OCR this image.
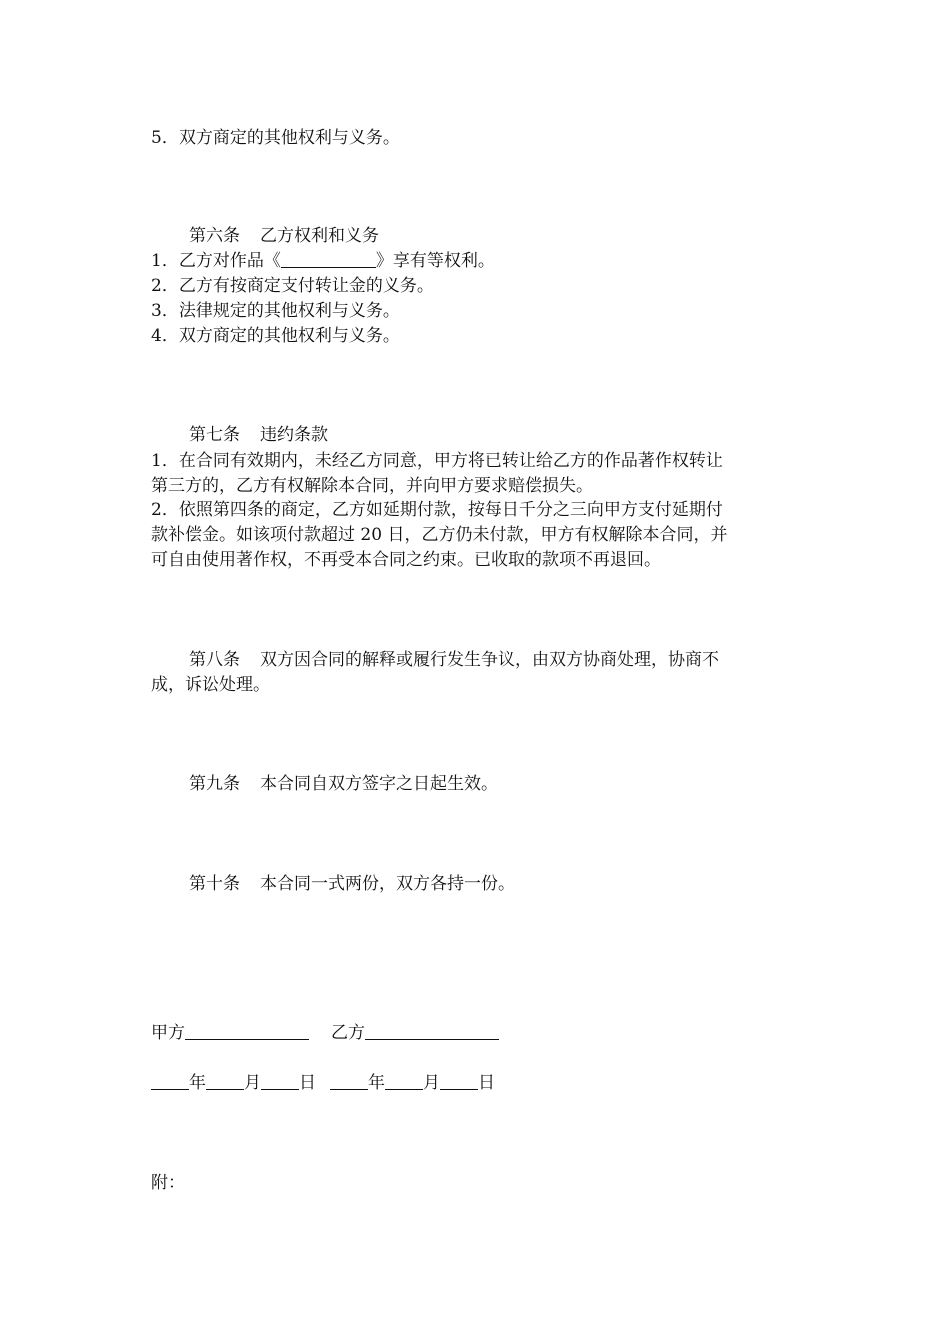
5．双方商定的其他权利与义务。
第六条 乙方权利和义务
1．乙方对作品《	》享有等权利。
2．乙方有按商定支付转让金的义务。
3．法律规定的其他权利与义务。
4．双方商定的其他权利与义务。
第七条 违约条款
1．在合同有效期内，未经乙方同意，甲方将已转让给乙方的作品著作权转让
第三方的，乙方有权解除本合同，并向甲方要求赔偿损失。
2．依照第四条的商定，乙方如延期付款，按每日千分之三向甲方支付延期付
款补偿金。如该项付款超过 20 日，乙方仍未付款，甲方有权解除本合同，并
可自由使用著作权，不再受本合同之约束。已收取的款项不再退回。
第八条 双方因合同的解释或履行发生争议，由双方协商处理，协商不
成，诉讼处理。
第九条 本合同自双方签字之日起生效。
第十条 本合同一式两份，双方各持一份。
甲方	乙方
年 月 日	年 月 日
附：
